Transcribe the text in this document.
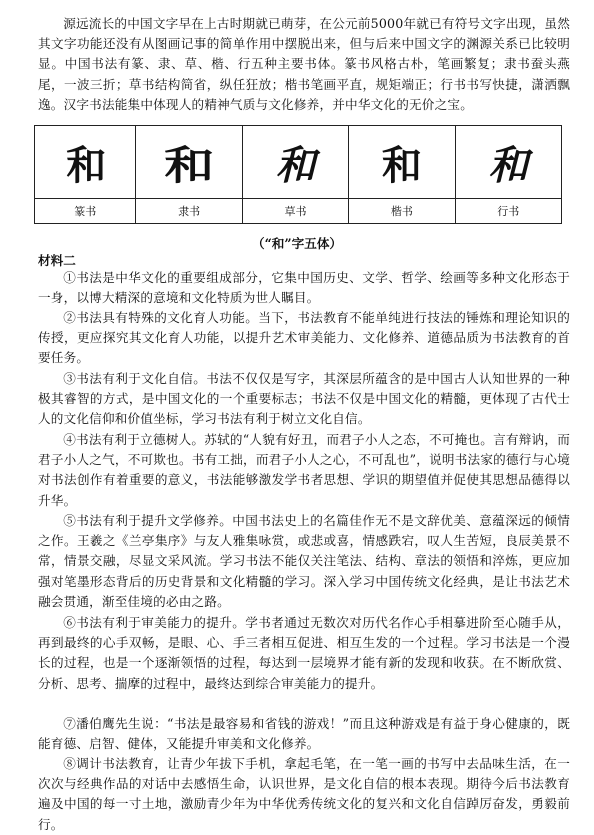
源远流长的中国文字早在上古时期就已萌芽，在公元前5000年就已有符号文字出现，虽然其文字功能还没有从图画记事的简单作用中摆脱出来，但与后来中国文字的渊源关系已比较明显。中国书法有篆、隶、草、楷、行五种主要书体。篆书风格古朴，笔画繁复；隶书蚕头燕尾，一波三折；草书结构简省，纵任狂放；楷书笔画平直，规矩端正；行书书写快捷，潇洒飘逸。汉字书法能集中体现人的精神气质与文化修养，并中华文化的无价之宝。
和	和	和	和	和
篆书	隶书	草书	楷书	行书
（“和”字五体）
材料二
①书法是中华文化的重要组成部分，它集中国历史、文学、哲学、绘画等多种文化形态于一身，以博大精深的意境和文化特质为世人瞩目。
②书法具有特殊的文化育人功能。当下，书法教育不能单纯进行技法的锤炼和理论知识的传授，更应探究其文化育人功能，以提升艺术审美能力、文化修养、道德品质为书法教育的首要任务。
③书法有利于文化自信。书法不仅仅是写字，其深层所蕴含的是中国古人认知世界的一种极其睿智的方式，是中国文化的一个重要标志；书法不仅是中国文化的精髓，更体现了古代士人的文化信仰和价值坐标，学习书法有利于树立文化自信。
④书法有利于立德树人。苏轼的“人貌有好丑，而君子小人之态，不可掩也。言有辩讷，而君子小人之气，不可欺也。书有工拙，而君子小人之心，不可乱也”，说明书法家的德行与心境对书法创作有着重要的意义，书法能够激发学书者思想、学识的期望值并促使其思想品德得以升华。
⑤书法有利于提升文学修养。中国书法史上的名篇佳作无不是文辞优美、意蕴深远的倾情之作。王羲之《兰亭集序》与友人雅集咏赏，或悲或喜，情感跌宕，叹人生苦短，良辰美景不常，情景交融，尽显文采风流。学习书法不能仅关注笔法、结构、章法的领悟和淬炼，更应加强对笔墨形态背后的历史背景和文化精髓的学习。深入学习中国传统文化经典，是让书法艺术融会贯通，渐至佳境的必由之路。
⑥书法有利于审美能力的提升。学书者通过无数次对历代名作心手相摹进阶至心随手从，再到最终的心手双畅，是眼、心、手三者相互促进、相互生发的一个过程。学习书法是一个漫长的过程，也是一个逐渐领悟的过程，每达到一层境界才能有新的发现和收获。在不断欣赏、分析、思考、揣摩的过程中，最终达到综合审美能力的提升。
⑦潘伯鹰先生说：“书法是最容易和省钱的游戏！”而且这种游戏是有益于身心健康的，既能育德、启智、健体，又能提升审美和文化修养。
⑧调计书法教育，让青少年拔下手机，拿起毛笔，在一笔一画的书写中去品味生活，在一次次与经典作品的对话中去感悟生命，认识世界，是文化自信的根本表现。期待今后书法教育遍及中国的每一寸土地，激励青少年为中华优秀传统文化的复兴和文化自信踔厉奋发，勇毅前行。
